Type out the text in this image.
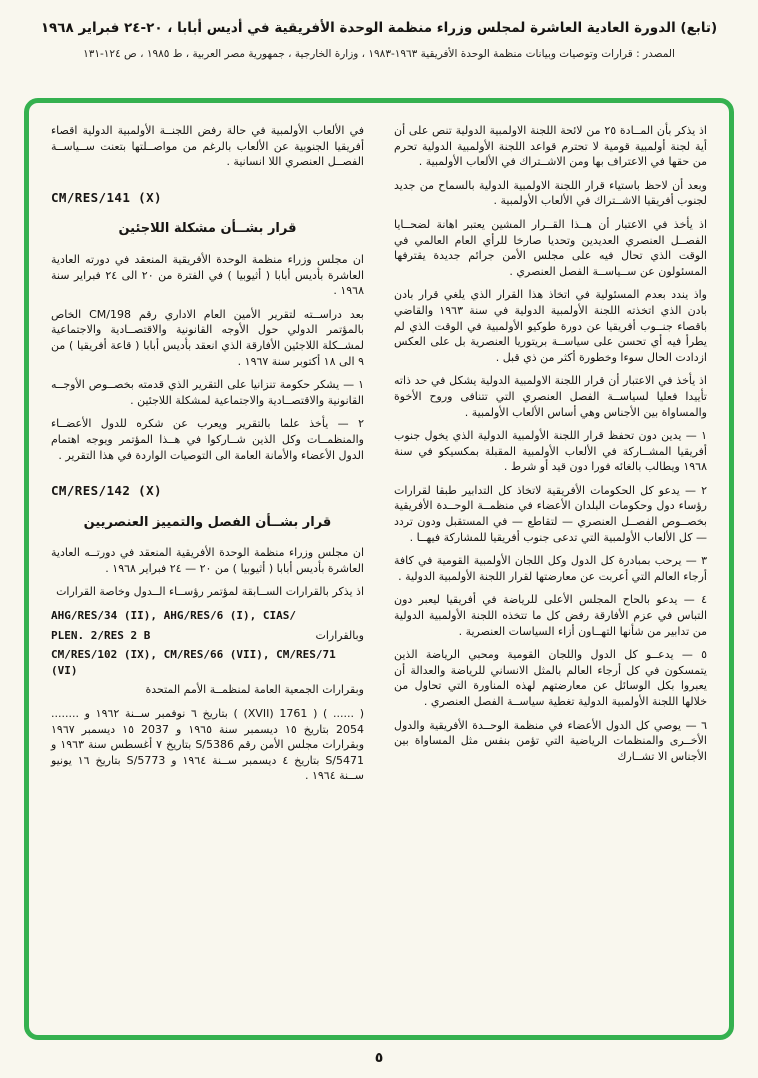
(تابع) الدورة العادية العاشرة لمجلس وزراء منظمة الوحدة الأفريقية في أديس أبابا ، ٢٠-٢٤ فبراير ١٩٦٨
المصدر : قرارات وتوصيات وبيانات منظمة الوحدة الأفريقية ١٩٦٣-١٩٨٣ ، وزارة الخارجية ، جمهورية مصر العربية ، ط ١٩٨٥ ، ص ١٢٤-١٣١

اذ يذكر بأن المــادة ٢٥ من لائحة اللجنة الاولمبية الدولية تنص على أن أية لجنة أولمبية قومية لا تحترم قواعد اللجنة الأولمبية الدولية تحرم من حقها في الاعتراف بها ومن الاشــتراك في الألعاب الأولمبية .

وبعد أن لاحظ باستياء قرار اللجنة الاولمبية الدولية بالسماح من جديد لجنوب أفريقيا الاشــتراك في الألعاب الأولمبية .

اذ يأخذ في الاعتبار أن هــذا القــرار المشين يعتبر اهانة لضحــايا الفصــل العنصري العديدين وتحديا صارخا للرأي العام العالمي في الوقت الذي تحال فيه على مجلس الأمن جرائم جديدة يقترفها المسئولون عن ســياســة الفصل العنصري .

واذ يندد بعدم المسئولية في اتخاذ هذا القرار الذي يلغي قرار بادن بادن الذي اتخذته اللجنة الأولمبية الدولية في سنة ١٩٦٣ والقاضي باقصاء جنــوب أفريقيا عن دورة طوكيو الأولمبية في الوقت الذي لم يطرأ فيه أي تحسن على سياســة بريتوريا العنصرية بل على العكس ازدادت الحال سوءا وخطورة أكثر من ذي قبل .

اذ يأخذ في الاعتبار أن قرار اللجنة الاولمبية الدولية يشكل في حد ذاته تأييدا فعليا لسياســة الفصل العنصري التي تتنافى وروح الأخوة والمساواة بين الأجناس وهي أساس الألعاب الأولمبية .

١ — يدين دون تحفظ قرار اللجنة الأولمبية الدولية الذي يخول جنوب أفريقيا المشــاركة في الألعاب الأولمبية المقبلة بمكسيكو في سنة ١٩٦٨ ويطالب بالغائه فورا دون قيد أو شرط .

٢ — يدعو كل الحكومات الأفريقية لاتخاذ كل التدابير طبقا لقرارات رؤساء دول وحكومات البلدان الأعضاء في منظمــة الوحــدة الأفريقية بخصــوص الفصــل العنصري — لتقاطع — في المستقبل ودون تردد — كل الألعاب الأولمبية التي تدعى جنوب أفريقيا للمشاركة فيهــا .

٣ — يرحب بمبادرة كل الدول وكل اللجان الأولمبية القومية في كافة أرجاء العالم التي أعربت عن معارضتها لقرار اللجنة الأولمبية الدولية .

٤ — يدعو بالحاح المجلس الأعلى للرياضة في أفريقيا ليعبر دون التباس في عزم الأفارقة رفض كل ما تتخذه اللجنة الأولمبية الدولية من تدابير من شأنها التهــاون أزاء السياسات العنصرية .

٥ — يدعــو كل الدول واللجان القومية ومحبي الرياضة الذين يتمسكون في كل أرجاء العالم بالمثل الانساني للرياضة والعدالة أن يعبروا بكل الوسائل عن معارضتهم لهذه المناورة التي تحاول من خلالها اللجنة الأولمبية الدولية تغطية سياســة الفصل العنصري .

٦ — يوصي كل الدول الأعضاء في منظمة الوحــدة الأفريقية والدول الأخــرى والمنظمات الرياضية التي تؤمن بنفس مثل المساواة بين الأجناس الا تشــارك

في الألعاب الأولمبية في حالة رفض اللجنــة الأولمبية الدولية اقصاء أفريقيا الجنوبية عن الألعاب بالرغم من مواصــلتها بتعنت ســياســة الفصــل العنصري اللا انسانية .

CM/RES/141 (X)
قرار بشــأن مشكلة اللاجئين

ان مجلس وزراء منظمة الوحدة الأفريقية المنعقد في دورته العادية العاشرة بأديس أبابا ( أثيوبيا ) في الفترة من ٢٠ الى ٢٤ فبراير سنة ١٩٦٨ .

بعد دراســته لتقرير الأمين العام الاداري رقم CM/198 الخاص بالمؤتمر الدولي حول الأوجه القانونية والاقتصــادية والاجتماعية لمشــكلة اللاجئين الأفارقة الذي انعقد بأديس أبابا ( قاعة أفريقيا ) من ٩ الى ١٨ أكتوبر سنة ١٩٦٧ .

١ — يشكر حكومة تنزانيا على التقرير الذي قدمته بخصــوص الأوجــه القانونية والاقتصــادية والاجتماعية لمشكلة اللاجئين .

٢ — يأخذ علما بالتقرير ويعرب عن شكره للدول الأعضــاء والمنظمــات وكل الذين شــاركوا في هــذا المؤتمر ويوجه اهتمام الدول الأعضاء والأمانة العامة الى التوصيات الواردة في هذا التقرير .

CM/RES/142 (X)
قرار بشــأن الفصل والتمييز العنصريين

ان مجلس وزراء منظمة الوحدة الأفريقية المنعقد في دورتــه العادية العاشرة بأديس أبابا ( أثيوبيا ) من ٢٠ — ٢٤ فبراير ١٩٦٨ .

اذ يذكر بالقرارات الســابقة لمؤتمر رؤســاء الــدول وخاصة القرارات

AHG/RES/34 (II), AHG/RES/6 (I), CIAS/
PLEN. 2/RES 2 B	وبالقرارات
CM/RES/102 (IX), CM/RES/66 (VII), CM/RES/71 (VI)

وبقرارات الجمعية العامة لمنظمــة الأمم المتحدة

( ...... ) ( 1761 (XVII) ) بتاريخ ٦ نوفمبر ســنة ١٩٦٢ و ........ 2054 بتاريخ ١٥ ديسمبر سنة ١٩٦٥ و 2037 ١٥ ديسمبر ١٩٦٧ وبقرارات مجلس الأمن رقم S/5386 بتاريخ ٧ أغسطس سنة ١٩٦٣ و S/5471 بتاريخ ٤ ديسمبر ســنة ١٩٦٤ و S/5773 بتاريخ ١٦ يونيو ســنة ١٩٦٤ .

٥
